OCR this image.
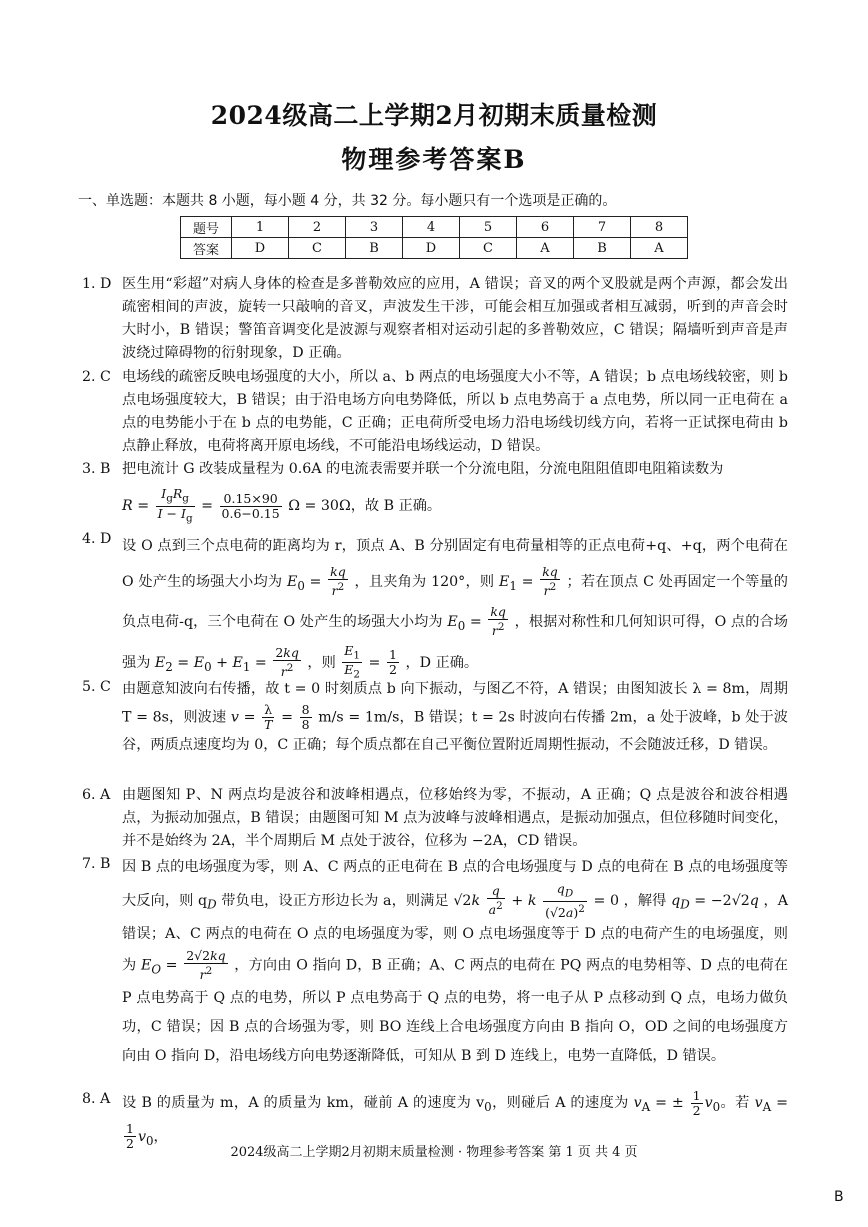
2024级高二上学期2月初期末质量检测
物理参考答案B
一、单选题：本题共 8 小题，每小题 4 分，共 32 分。每小题只有一个选项是正确的。
题号	1	2	3	4	5	6	7	8
答案	D	C	B	D	C	A	B	A
1. D 医生用“彩超”对病人身体的检查是多普勒效应的应用，A 错误；音叉的两个叉股就是两个声源，都会发出疏密相间的声波，旋转一只敲响的音叉，声波发生干涉，可能会相互加强或者相互减弱，听到的声音会时大时小，B 错误；警笛音调变化是波源与观察者相对运动引起的多普勒效应，C 错误；隔墙听到声音是声波绕过障碍物的衍射现象，D 正确。

2. C 电场线的疏密反映电场强度的大小，所以 a、b 两点的电场强度大小不等，A 错误；b 点电场线较密，则 b 点电场强度较大，B 错误；由于沿电场方向电势降低，所以 b 点电势高于 a 点电势，所以同一正电荷在 a 点的电势能小于在 b 点的电势能，C 正确；正电荷所受电场力沿电场线切线方向，若将一正试探电荷由 b 点静止释放，电荷将离开原电场线，不可能沿电场线运动，D 错误。

3. B 把电流计 G 改装成量程为 0.6A 的电流表需要并联一个分流电阻，分流电阻阻值即电阻箱读数为

$R = \frac{I_gR_g}{I - I_g} = \frac{0.15\times 90}{0.6-0.15}$ Ω = 30Ω，故 B 正确。

4. D 设 O 点到三个点电荷的距离均为 r，顶点 A、B 分别固定有电荷量相等的正点电荷+q、+q，两个电荷在 O 处产生的场强大小均为 $E_0 = \frac{kq}{r^2}$ ，且夹角为 120°，则 $E_1 = \frac{kq}{r^2}$ ；若在顶点 C 处再固定一个等量的负点电荷-q，三个电荷在 O 处产生的场强大小均为 $E_0 = \frac{kq}{r^2}$ ，根据对称性和几何知识可得，O 点的合场强为 $E_2 = E_0 + E_1 = \frac{2kq}{r^2}$ ，则 $\frac{E_1}{E_2} = \frac{1}{2}$ ，D 正确。
5. C 由题意知波向右传播，故 t = 0 时刻质点 b 向下振动，与图乙不符，A 错误；由图知波长 λ = 8m，周期 T = 8s，则波速 $v = \frac{\lambda}{T} = \frac{8}{8} m/s = 1m/s$，B 错误；t = 2s 时波向右传播 2m，a 处于波峰，b 处于波谷，两质点速度均为 0，C 正确；每个质点都在自己平衡位置附近周期性振动，不会随波迁移，D 错误。
6. A 由题图知 P、N 两点均是波谷和波峰相遇点，位移始终为零，不振动，A 正确；Q 点是波谷和波谷相遇点，为振动加强点，B 错误；由题图可知 M 点为波峰与波峰相遇点，是振动加强点，但位移随时间变化，并不是始终为 2A，半个周期后 M 点处于波谷，位移为 −2A，CD 错误。

7. B 因 B 点的电场强度为零，则 A、C 两点的正电荷在 B 点的合电场强度与 D 点的电荷在 B 点的电场强度等大反向，则 $q_D$ 带负电，设正方形边长为 a，则满足 $√2k \frac{q}{a^2} + k \frac{q_D}{(√2a)^2} = 0$ ，解得 $q_D = -2√2q$ ，A 错误；A、C 两点的电荷在 O 点的电场强度为零，则 O 点电场强度等于 D 点的电荷产生的电场强度，则为 $E_O = \frac{2√2kq}{r^2}$ ，方向由 O 指向 D，B 正确；A、C 两点的电荷在 PQ 两点的电势相等、D 点的电荷在 P 点电势高于 Q 点的电势，所以 P 点电势高于 Q 点的电势，将一电子从 P 点移动到 Q 点，电场力做负功，C 错误；因 B 点的合场强为零，则 BO 连线上合电场强度方向由 B 指向 O，OD 之间的电场强度方向由 O 指向 D，沿电场线方向电势逐渐降低，可知从 B 到 D 连线上，电势一直降低，D 错误。
8. A 设 B 的质量为 m，A 的质量为 km，碰前 A 的速度为 $v_0$，则碰后 A 的速度为 $v_A$ = ± $\frac{1}{2} v_0$。若 $v_A$ =
$\frac{1}{2} v_0$，
2024级高二上学期2月初期末质量检测 · 物理参考答案 第 1 页 共 4 页
B
